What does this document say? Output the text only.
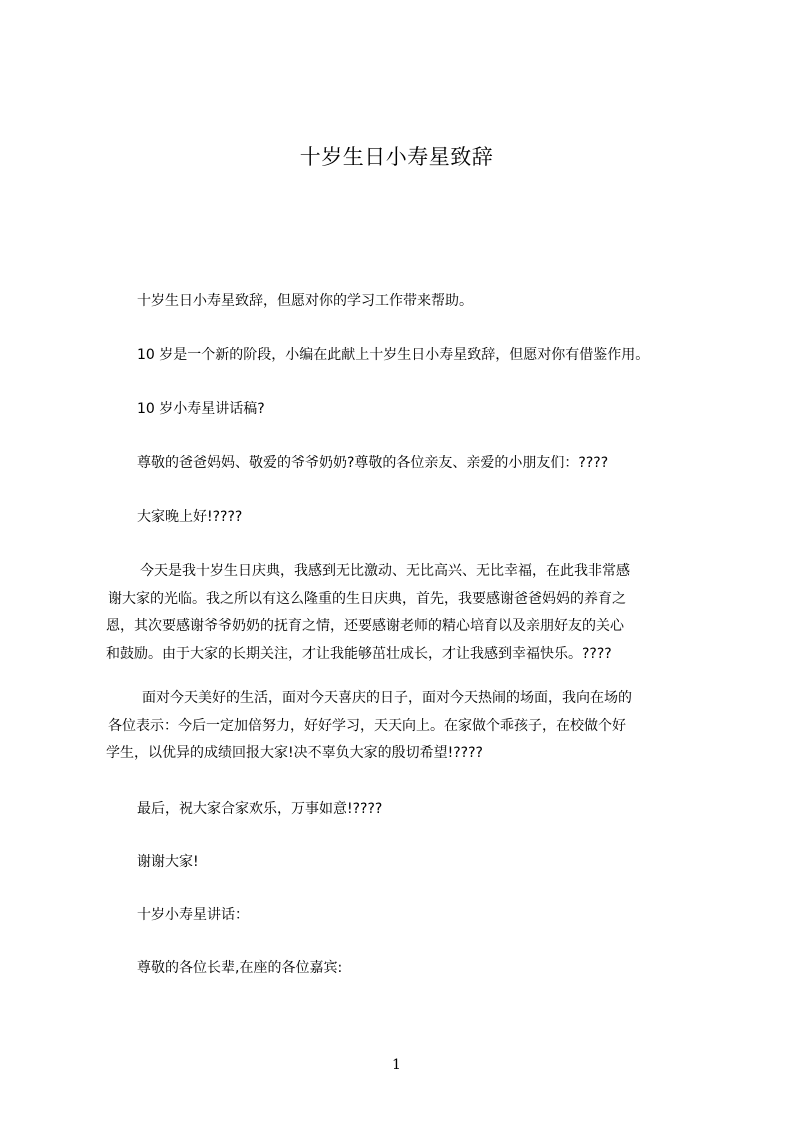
十岁生日小寿星致辞
十岁生日小寿星致辞，但愿对你的学习工作带来帮助。
10 岁是一个新的阶段，小编在此献上十岁生日小寿星致辞，但愿对你有借鉴作用。
10 岁小寿星讲话稿?
尊敬的爸爸妈妈、敬爱的爷爷奶奶?尊敬的各位亲友、亲爱的小朋友们：????
大家晚上好!????
今天是我十岁生日庆典，我感到无比激动、无比高兴、无比幸福，在此我非常感
谢大家的光临。我之所以有这么隆重的生日庆典，首先，我要感谢爸爸妈妈的养育之
恩，其次要感谢爷爷奶奶的抚育之情，还要感谢老师的精心培育以及亲朋好友的关心
和鼓励。由于大家的长期关注，才让我能够茁壮成长，才让我感到幸福快乐。????
面对今天美好的生活，面对今天喜庆的日子，面对今天热闹的场面，我向在场的
各位表示：今后一定加倍努力，好好学习，天天向上。在家做个乖孩子，在校做个好
学生，以优异的成绩回报大家!决不辜负大家的殷切希望!????
最后，祝大家合家欢乐，万事如意!????
谢谢大家!
十岁小寿星讲话：
尊敬的各位长辈,在座的各位嘉宾:
1
